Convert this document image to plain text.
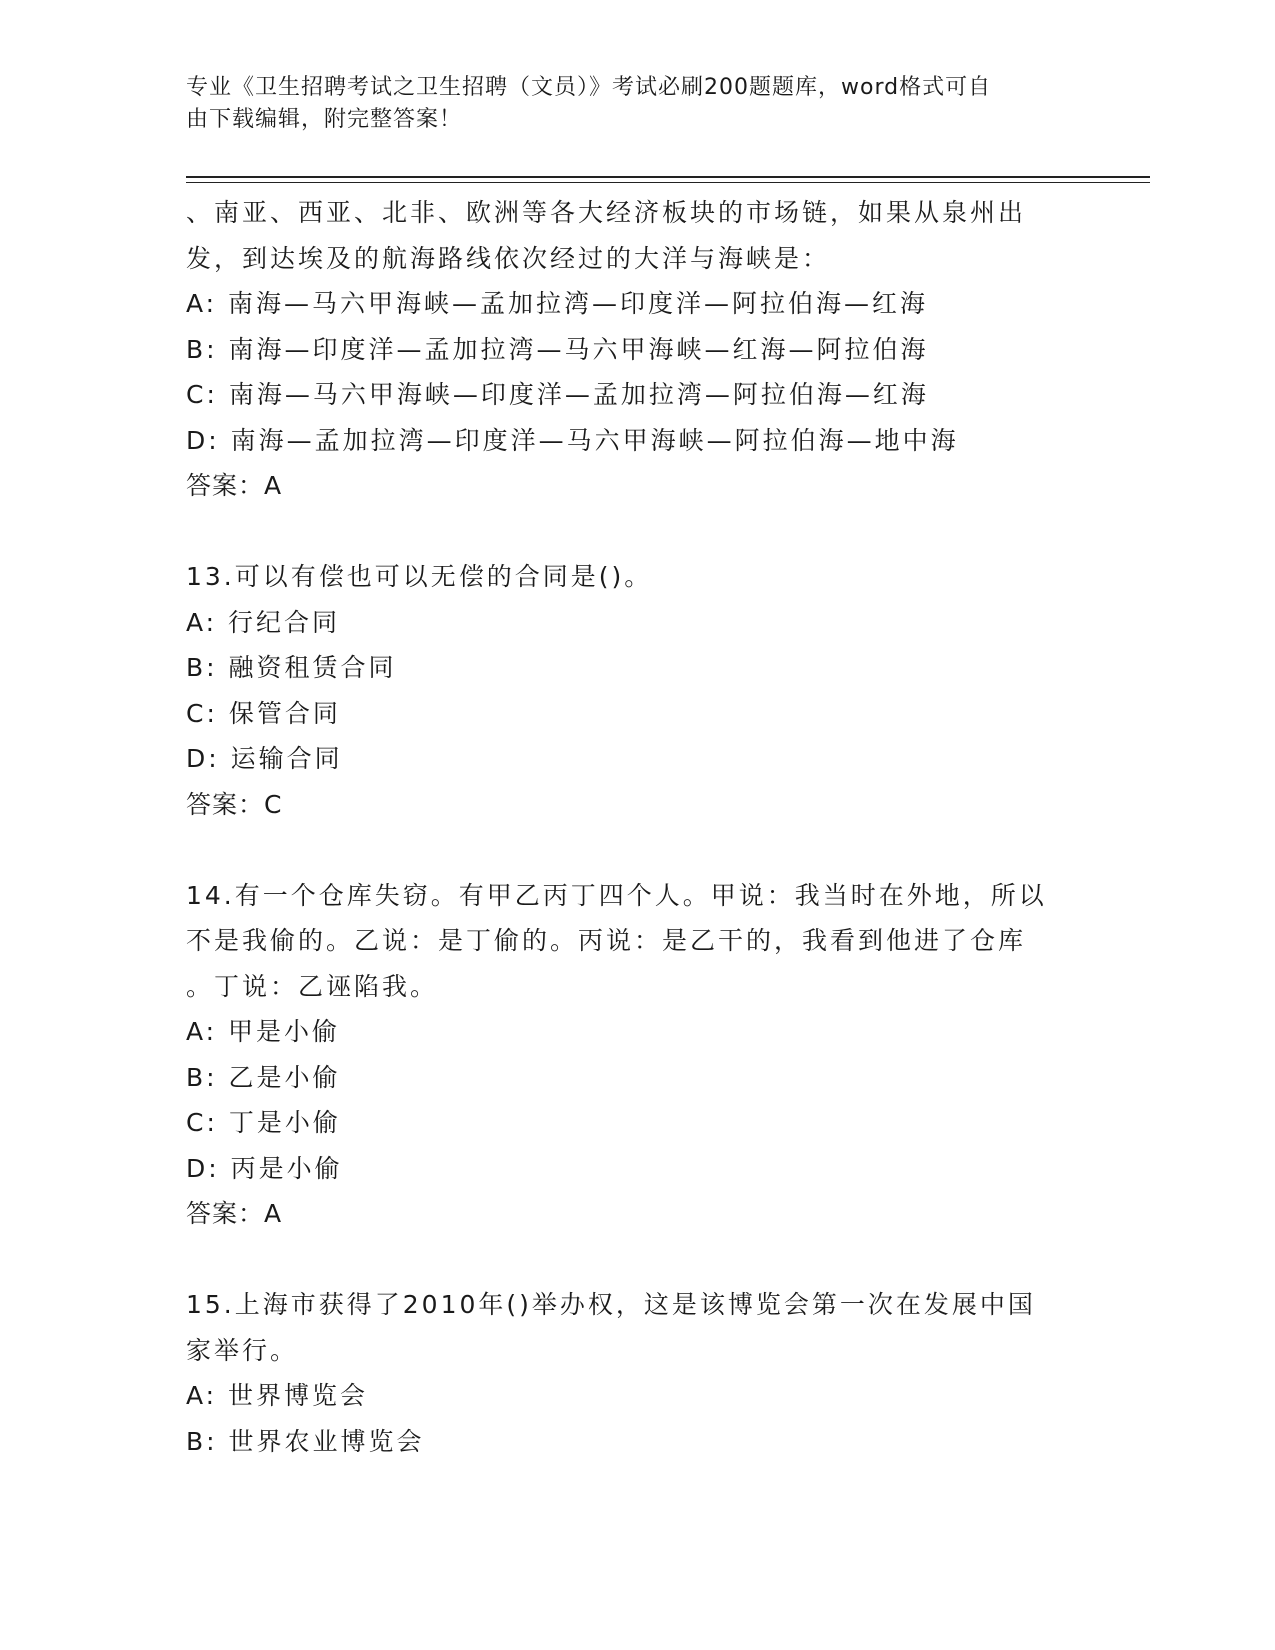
专业《卫生招聘考试之卫生招聘（文员）》考试必刷200题题库，word格式可自
由下载编辑，附完整答案！
、南亚、西亚、北非、欧洲等各大经济板块的市场链，如果从泉州出
发，到达埃及的航海路线依次经过的大洋与海峡是：
A: 南海—马六甲海峡—孟加拉湾—印度洋—阿拉伯海—红海
B: 南海—印度洋—孟加拉湾—马六甲海峡—红海—阿拉伯海
C: 南海—马六甲海峡—印度洋—孟加拉湾—阿拉伯海—红海
D: 南海—孟加拉湾—印度洋—马六甲海峡—阿拉伯海—地中海
答案：A
13.可以有偿也可以无偿的合同是()。
A: 行纪合同
B: 融资租赁合同
C: 保管合同
D: 运输合同
答案：C
14.有一个仓库失窃。有甲乙丙丁四个人。甲说：我当时在外地，所以
不是我偷的。乙说：是丁偷的。丙说：是乙干的，我看到他进了仓库
。丁说：乙诬陷我。
A: 甲是小偷
B: 乙是小偷
C: 丁是小偷
D: 丙是小偷
答案：A
15.上海市获得了2010年()举办权，这是该博览会第一次在发展中国
家举行。
A: 世界博览会
B: 世界农业博览会
